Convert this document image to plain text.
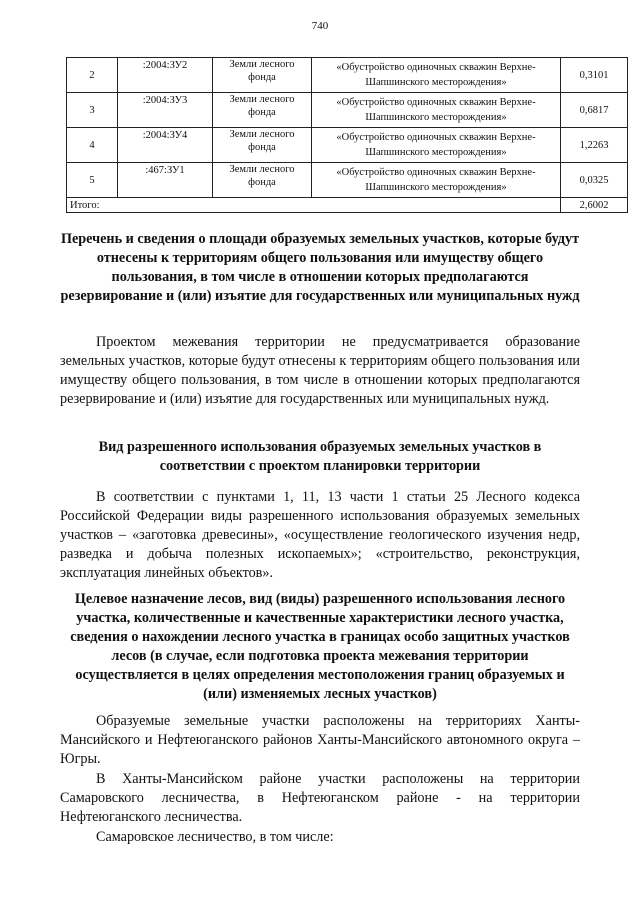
740
2	:2004:ЗУ2	Земли лесного фонда	«Обустройство одиночных скважин Верхне-Шапшинского месторождения»	0,3101
3	:2004:ЗУ3	Земли лесного фонда	«Обустройство одиночных скважин Верхне-Шапшинского месторождения»	0,6817
4	:2004:ЗУ4	Земли лесного фонда	«Обустройство одиночных скважин Верхне-Шапшинского месторождения»	1,2263
5	:467:ЗУ1	Земли лесного фонда	«Обустройство одиночных скважин Верхне-Шапшинского месторождения»	0,0325
Итого:				2,6002
Перечень и сведения о площади образуемых земельных участков, которые будут отнесены к территориям общего пользования или имуществу общего пользования, в том числе в отношении которых предполагаются резервирование и (или) изъятие для государственных или муниципальных нужд
Проектом межевания территории не предусматривается образование земельных участков, которые будут отнесены к территориям общего пользования или имуществу общего пользования, в том числе в отношении которых предполагаются резервирование и (или) изъятие для государственных или муниципальных нужд.
Вид разрешенного использования образуемых земельных участков в соответствии с проектом планировки территории
В соответствии с пунктами 1, 11, 13 части 1 статьи 25 Лесного кодекса Российской Федерации виды разрешенного использования образуемых земельных участков – «заготовка древесины», «осуществление геологического изучения недр, разведка и добыча полезных ископаемых»; «строительство, реконструкция, эксплуатация линейных объектов».
Целевое назначение лесов, вид (виды) разрешенного использования лесного участка, количественные и качественные характеристики лесного участка, сведения о нахождении лесного участка в границах особо защитных участков лесов (в случае, если подготовка проекта межевания территории осуществляется в целях определения местоположения границ образуемых и (или) изменяемых лесных участков)
Образуемые земельные участки расположены на территориях Ханты-Мансийского и Нефтеюганского районов Ханты-Мансийского автономного округа – Югры.
В Ханты-Мансийском районе участки расположены на территории Самаровского лесничества, в Нефтеюганском районе - на территории Нефтеюганского лесничества.
Самаровское лесничество, в том числе:
